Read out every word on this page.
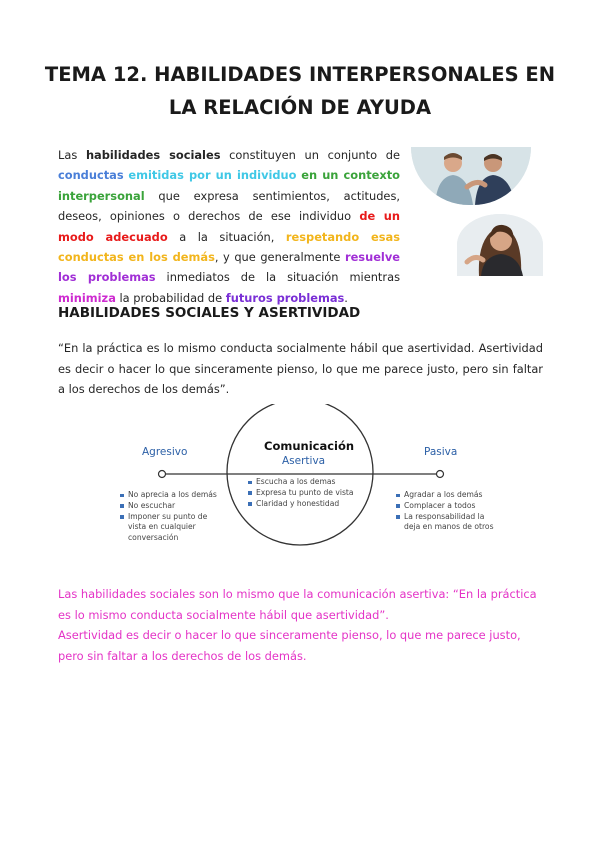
TEMA 12. HABILIDADES INTERPERSONALES EN
LA RELACIÓN DE AYUDA

Las habilidades sociales constituyen un conjunto de conductas emitidas por un individuo en un contexto interpersonal que expresa sentimientos, actitudes, deseos, opiniones o derechos de ese individuo de un modo adecuado a la situación, respetando esas conductas en los demás, y que generalmente resuelve los problemas inmediatos de la situación mientras minimiza la probabilidad de futuros problemas.

HABILIDADES SOCIALES Y ASERTIVIDAD

“En la práctica es lo mismo conducta socialmente hábil que asertividad. Asertividad es decir o hacer lo que sinceramente pienso, lo que me parece justo, pero sin faltar a los derechos de los demás”.

Agresivo	Comunicación
Asertiva
Pasiva
No aprecia a los demás
No escuchar
Imponer su punto de vista en cualquier conversación
Escucha a los demas
Expresa tu punto de vista
Claridad y honestidad
Agradar a los demás
Complacer a todos
La responsabilidad la deja en manos de otros

Las habilidades sociales son lo mismo que la comunicación asertiva: “En la práctica es lo mismo conducta socialmente hábil que asertividad”.
Asertividad es decir o hacer lo que sinceramente pienso, lo que me parece justo, pero sin faltar a los derechos de los demás.
